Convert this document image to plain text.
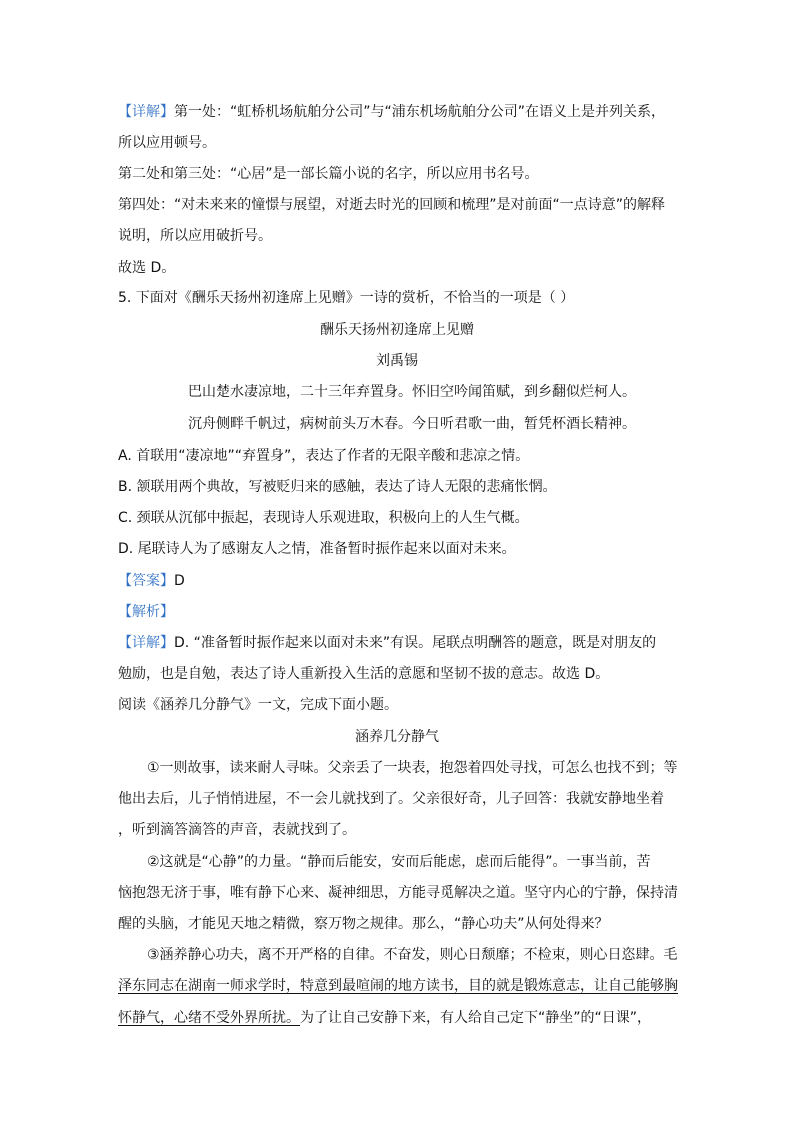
【详解】第一处：“虹桥机场航舶分公司”与“浦东机场航舶分公司”在语义上是并列关系，
所以应用顿号。
第二处和第三处：“心居”是一部长篇小说的名字，所以应用书名号。
第四处：“对未来来的憧憬与展望，对逝去时光的回顾和梳理”是对前面“一点诗意”的解释
说明，所以应用破折号。
故选 D。
5. 下面对《酬乐天扬州初逢席上见赠》一诗的赏析，不恰当的一项是（ ）
酬乐天扬州初逢席上见赠
刘禹锡
巴山楚水凄凉地，二十三年弃置身。怀旧空吟闻笛赋，到乡翻似烂柯人。
沉舟侧畔千帆过，病树前头万木春。今日听君歌一曲，暂凭杯酒长精神。
A. 首联用“凄凉地”“弃置身”，表达了作者的无限辛酸和悲凉之情。
B. 颔联用两个典故，写被贬归来的感触，表达了诗人无限的悲痛怅惘。
C. 颈联从沉郁中振起，表现诗人乐观进取，积极向上的人生气概。
D. 尾联诗人为了感谢友人之情，准备暂时振作起来以面对未来。
【答案】D
【解析】
【详解】D. “准备暂时振作起来以面对未来”有误。尾联点明酬答的题意，既是对朋友的
勉励，也是自勉，表达了诗人重新投入生活的意愿和坚韧不拔的意志。故选 D。
阅读《涵养几分静气》一文，完成下面小题。
涵养几分静气
①一则故事，读来耐人寻味。父亲丢了一块表，抱怨着四处寻找，可怎么也找不到；等
他出去后，儿子悄悄进屋，不一会儿就找到了。父亲很好奇，儿子回答：我就安静地坐着
，听到滴答滴答的声音，表就找到了。
②这就是“心静”的力量。“静而后能安，安而后能虑，虑而后能得”。一事当前，苦
恼抱怨无济于事，唯有静下心来、凝神细思，方能寻觅解决之道。坚守内心的宁静，保持清
醒的头脑，才能见天地之精微，察万物之规律。那么，“静心功夫”从何处得来？
③涵养静心功夫，离不开严格的自律。不奋发，则心日颓靡；不检束，则心日恣肆。毛
泽东同志在湖南一师求学时，特意到最喧闹的地方读书，目的就是锻炼意志，让自己能够胸
怀静气，心绪不受外界所扰。为了让自己安静下来，有人给自己定下“静坐”的“日课”，
